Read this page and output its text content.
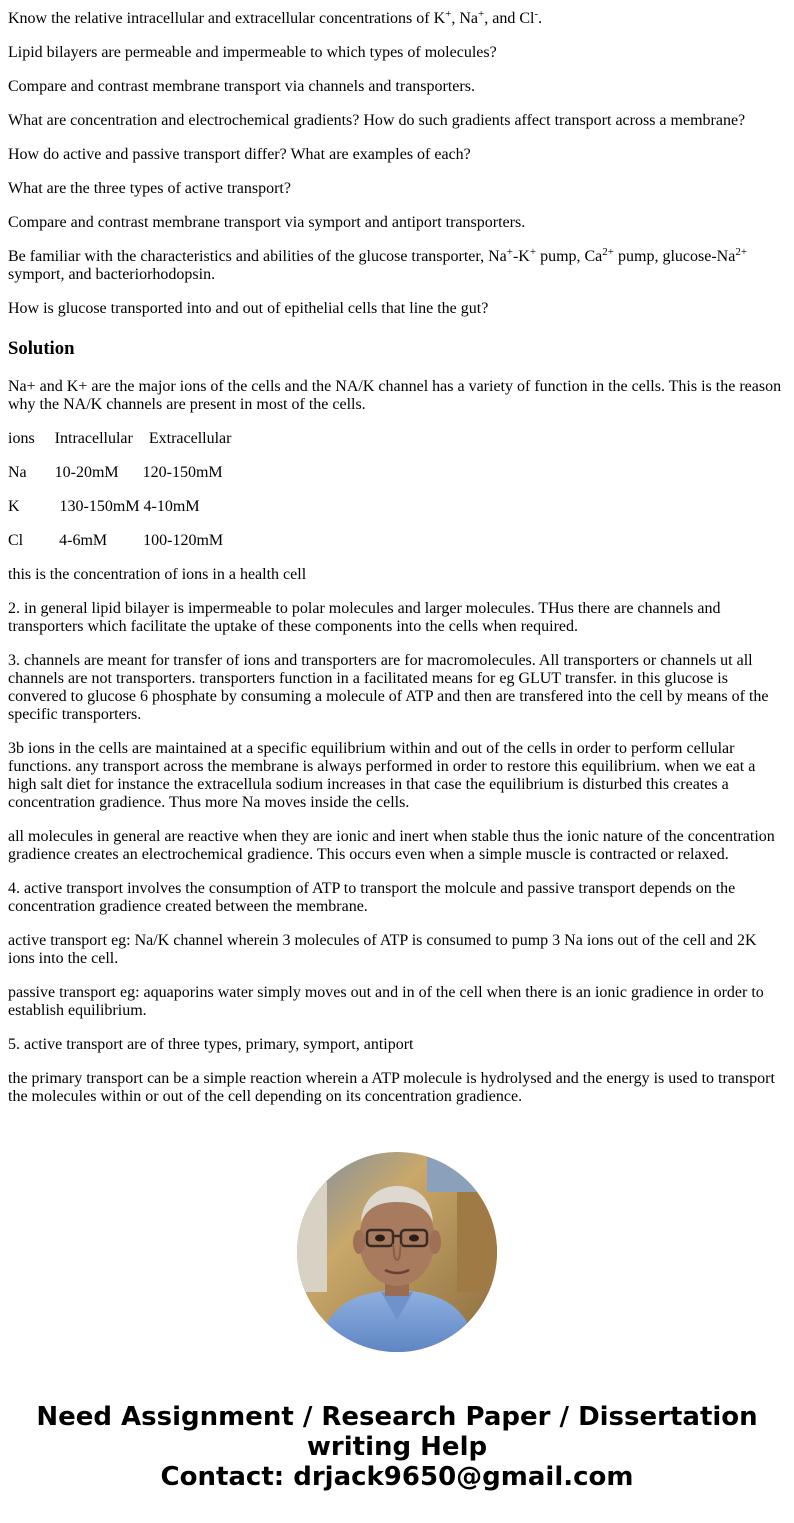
Know the relative intracellular and extracellular concentrations of K+, Na+, and Cl-.

Lipid bilayers are permeable and impermeable to which types of molecules?

Compare and contrast membrane transport via channels and transporters.

What are concentration and electrochemical gradients? How do such gradients affect transport across a membrane?

How do active and passive transport differ? What are examples of each?

What are the three types of active transport?

Compare and contrast membrane transport via symport and antiport transporters.

Be familiar with the characteristics and abilities of the glucose transporter, Na+-K+ pump, $Ca^{2+}$ pump, glucose-$Na^{2+}$ symport, and bacteriorhodopsin.

How is glucose transported into and out of epithelial cells that line the gut?

Solution

Na+ and K+ are the major ions of the cells and the NA/K channel has a variety of function in the cells. This is the reason why the NA/K channels are present in most of the cells.

ions     Intracellular    Extracellular

Na       10-20mM      120-150mM

K          130-150mM 4-10mM

Cl         4-6mM         100-120mM

this is the concentration of ions in a health cell

2. in general lipid bilayer is impermeable to polar molecules and larger molecules. THus there are channels and transporters which facilitate the uptake of these components into the cells when required.

3. channels are meant for transfer of ions and transporters are for macromolecules. All transporters or channels ut all channels are not transporters. transporters function in a facilitated means for eg GLUT transfer. in this glucose is convered to glucose 6 phosphate by consuming a molecule of ATP and then are transfered into the cell by means of the specific transporters.

3b ions in the cells are maintained at a specific equilibrium within and out of the cells in order to perform cellular functions. any transport across the membrane is always performed in order to restore this equilibrium. when we eat a high salt diet for instance the extracellula sodium increases in that case the equilibrium is disturbed this creates a concentration gradience. Thus more Na moves inside the cells.

all molecules in general are reactive when they are ionic and inert when stable thus the ionic nature of the concentration gradience creates an electrochemical gradience. This occurs even when a simple muscle is contracted or relaxed.

4. active transport involves the consumption of ATP to transport the molcule and passive transport depends on the concentration gradience created between the membrane.

active transport eg: Na/K channel wherein 3 molecules of ATP is consumed to pump 3 Na ions out of the cell and 2K ions into the cell.

passive transport eg: aquaporins water simply moves out and in of the cell when there is an ionic gradience in order to establish equilibrium.

5. active transport are of three types, primary, symport, antiport

the primary transport can be a simple reaction wherein a ATP molecule is hydrolysed and the energy is used to transport the molecules within or out of the cell depending on its concentration gradience.

Need Assignment / Research Paper / Dissertation
writing Help
Contact: drjack9650@gmail.com
